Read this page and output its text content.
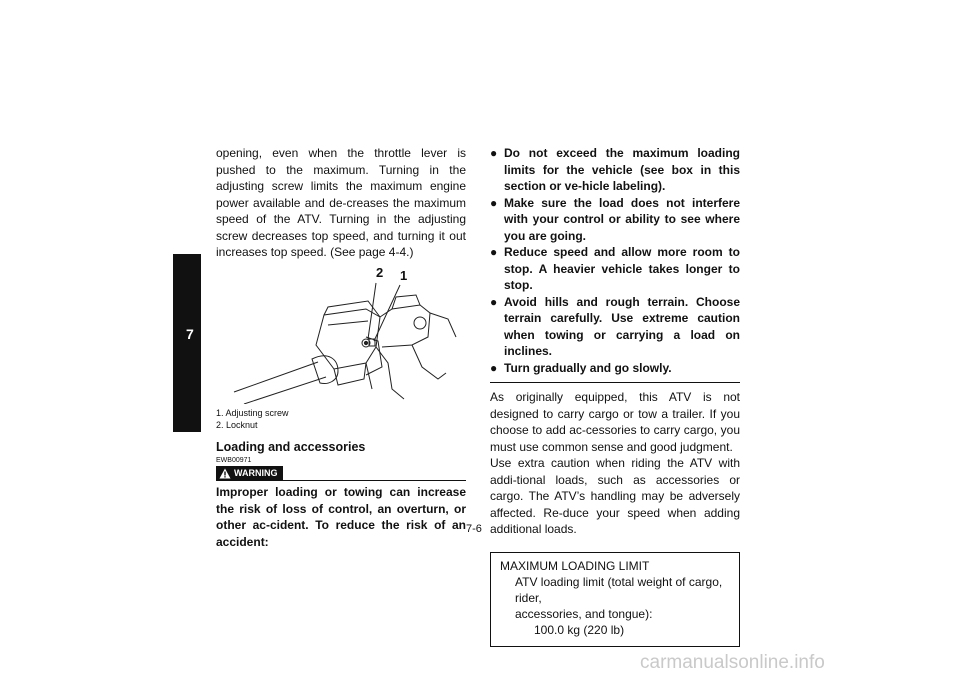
7

opening, even when the throttle lever is pushed to the maximum. Turning in the adjusting screw limits the maximum engine power available and de-creases the maximum speed of the ATV. Turning in the adjusting screw decreases top speed, and turning it out increases top speed. (See page 4-4.)

2 1
1. Adjusting screw
2. Locknut
Loading and accessories
EWB00971
WARNING

Improper loading or towing can increase the risk of loss of control, an overturn, or other ac-cident. To reduce the risk of an accident:

● Do not exceed the maximum loading limits for the vehicle (see box in this section or ve-hicle labeling).
● Make sure the load does not interfere with your control or ability to see where you are going.
● Reduce speed and allow more room to stop. A heavier vehicle takes longer to stop.
● Avoid hills and rough terrain. Choose terrain carefully. Use extreme caution when towing or carrying a load on inclines.
● Turn gradually and go slowly.

As originally equipped, this ATV is not designed to carry cargo or tow a trailer. If you choose to add ac-cessories to carry cargo, you must use common sense and good judgment.

Use extra caution when riding the ATV with addi-tional loads, such as accessories or cargo. The ATV’s handling may be adversely affected. Re-duce your speed when adding additional loads.

MAXIMUM LOADING LIMIT
ATV loading limit (total weight of cargo, rider,
accessories, and tongue):
100.0 kg (220 lb)
7-6
carmanualsonline.info
